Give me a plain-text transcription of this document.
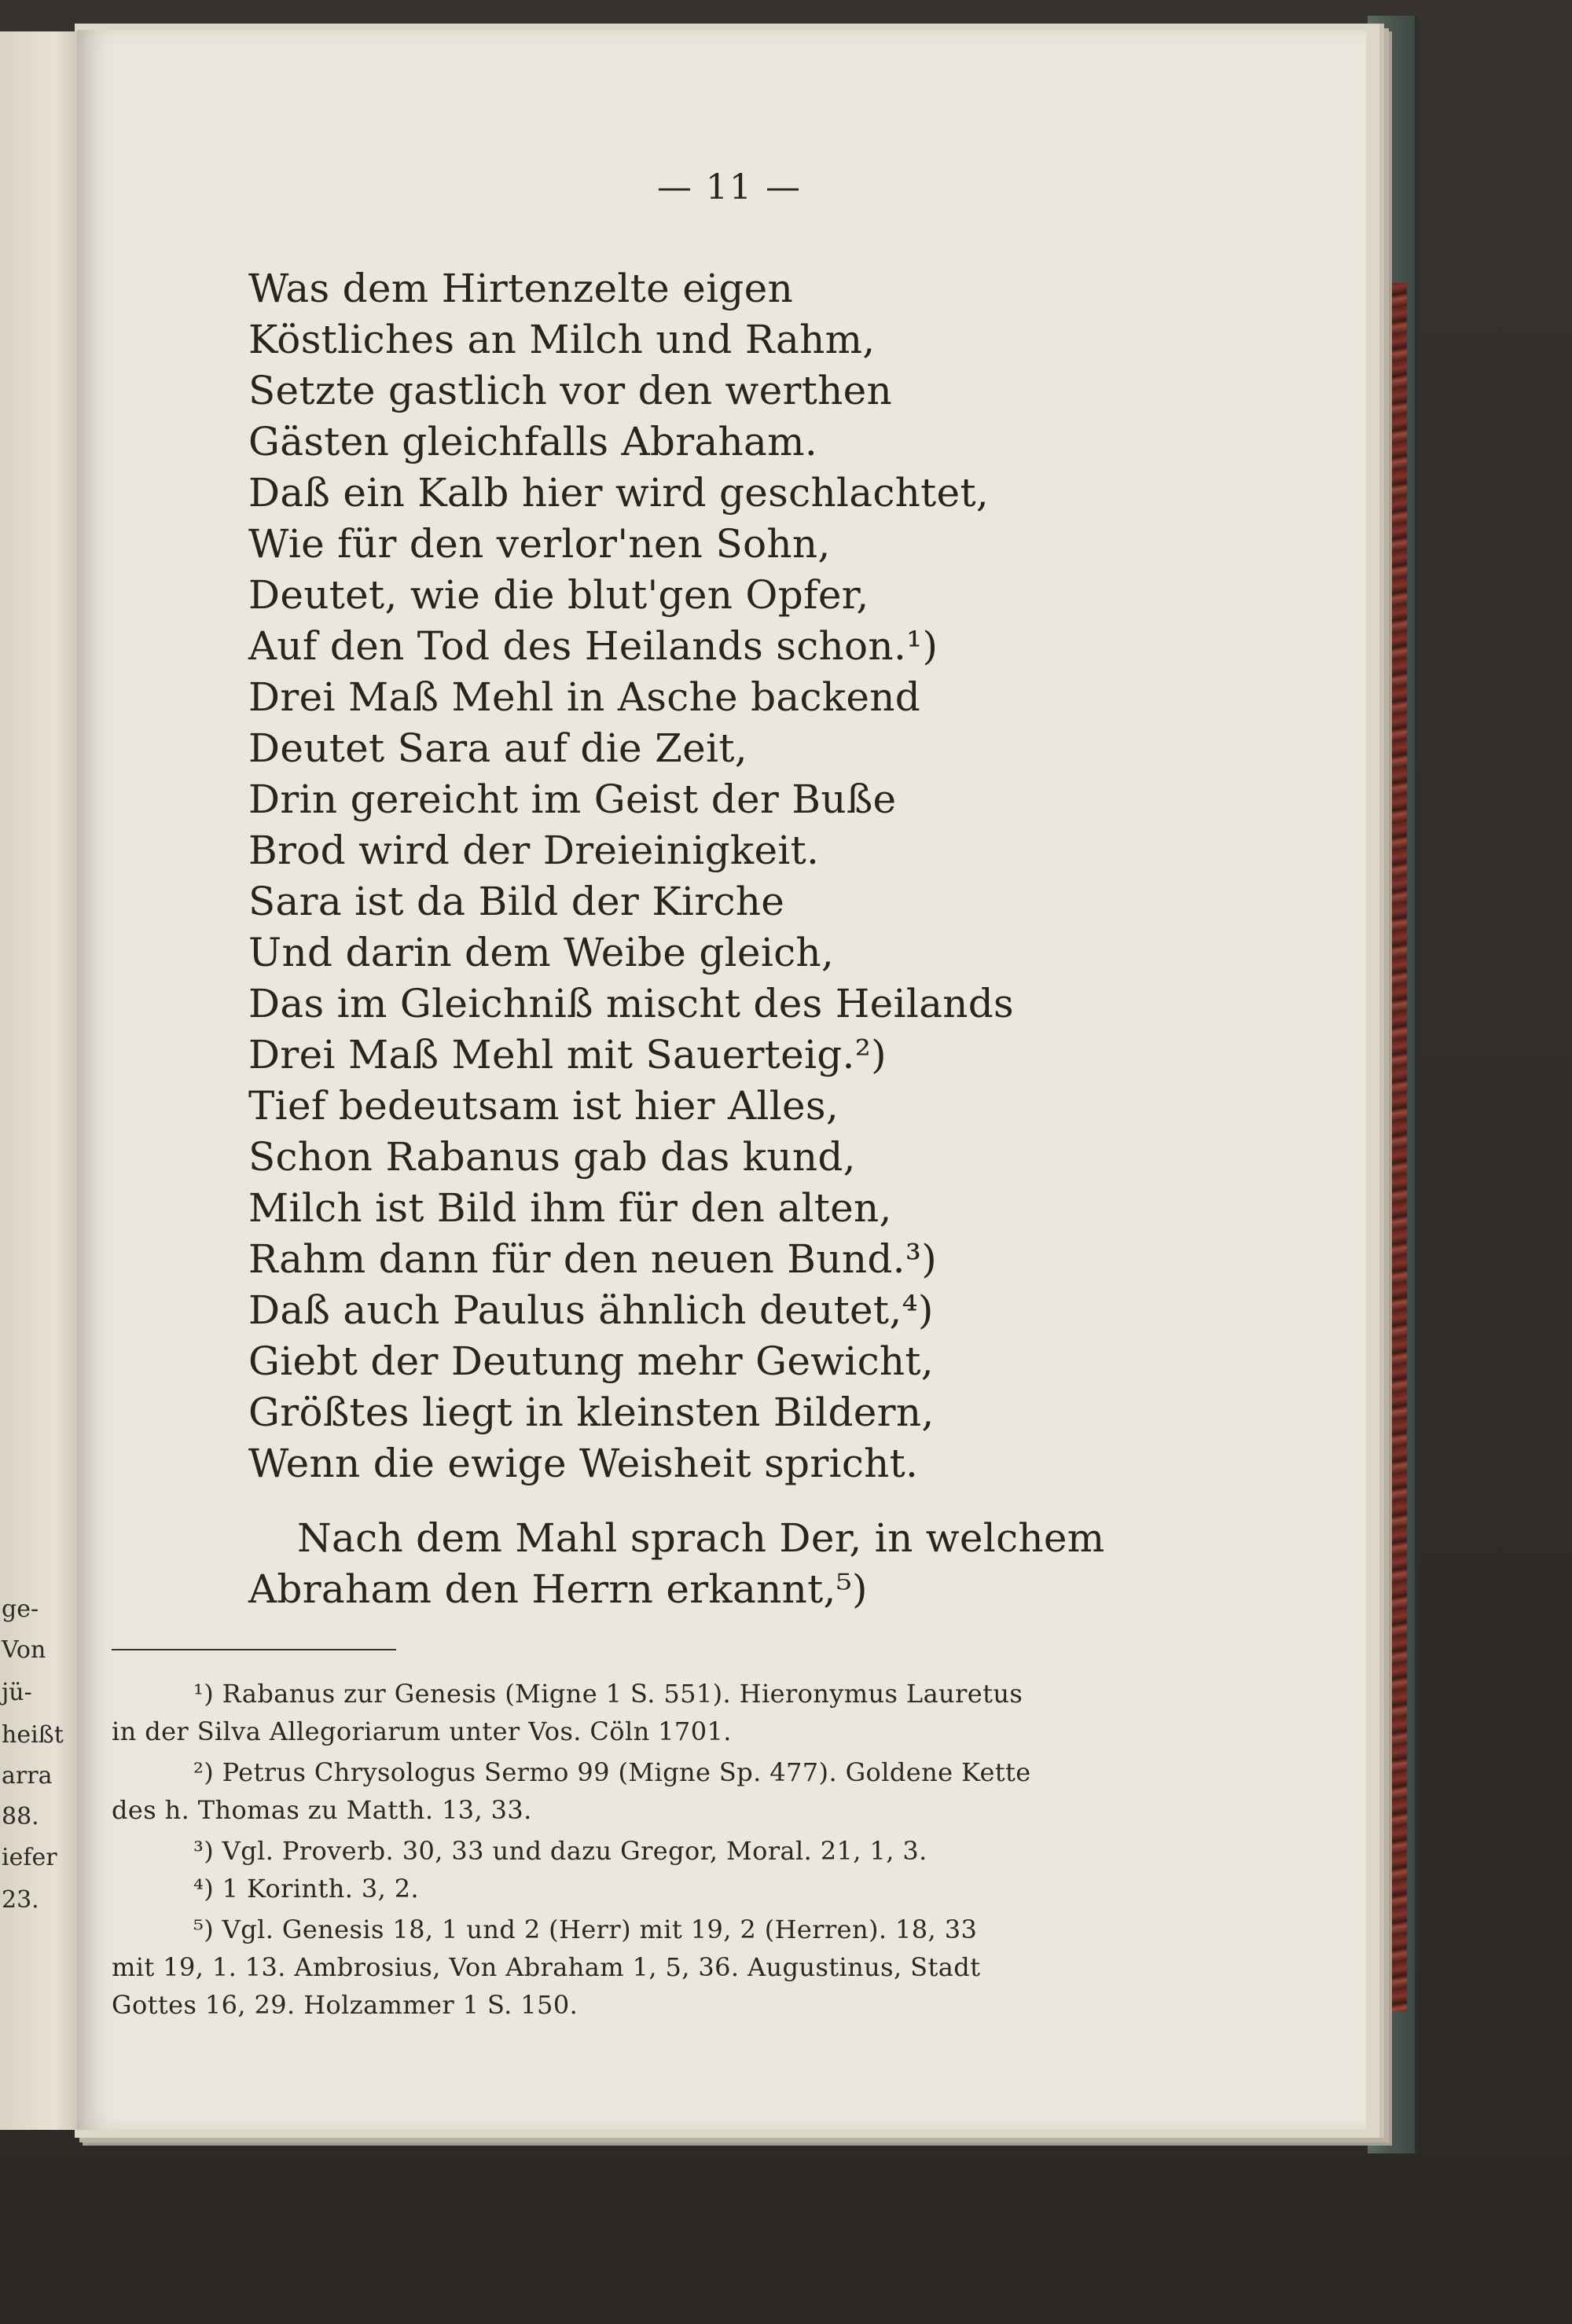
ge-
Von
jü-
heißt
arra
88.
iefer
23.
— 11 —
Was dem Hirtenzelte eigen
Köstliches an Milch und Rahm,
Setzte gastlich vor den werthen
Gästen gleichfalls Abraham.
Daß ein Kalb hier wird geschlachtet,
Wie für den verlor'nen Sohn,
Deutet, wie die blut'gen Opfer,
Auf den Tod des Heilands schon.¹)
Drei Maß Mehl in Asche backend
Deutet Sara auf die Zeit,
Drin gereicht im Geist der Buße
Brod wird der Dreieinigkeit.
Sara ist da Bild der Kirche
Und darin dem Weibe gleich,
Das im Gleichniß mischt des Heilands
Drei Maß Mehl mit Sauerteig.²)
Tief bedeutsam ist hier Alles,
Schon Rabanus gab das kund,
Milch ist Bild ihm für den alten,
Rahm dann für den neuen Bund.³)
Daß auch Paulus ähnlich deutet,⁴)
Giebt der Deutung mehr Gewicht,
Größtes liegt in kleinsten Bildern,
Wenn die ewige Weisheit spricht.
Nach dem Mahl sprach Der, in welchem
Abraham den Herrn erkannt,⁵)
¹) Rabanus zur Genesis (Migne 1 S. 551). Hieronymus Lauretus
in der Silva Allegoriarum unter Vos. Cöln 1701.
²) Petrus Chrysologus Sermo 99 (Migne Sp. 477). Goldene Kette
des h. Thomas zu Matth. 13, 33.
³) Vgl. Proverb. 30, 33 und dazu Gregor, Moral. 21, 1, 3.
⁴) 1 Korinth. 3, 2.
⁵) Vgl. Genesis 18, 1 und 2 (Herr) mit 19, 2 (Herren). 18, 33
mit 19, 1. 13. Ambrosius, Von Abraham 1, 5, 36. Augustinus, Stadt
Gottes 16, 29. Holzammer 1 S. 150.
